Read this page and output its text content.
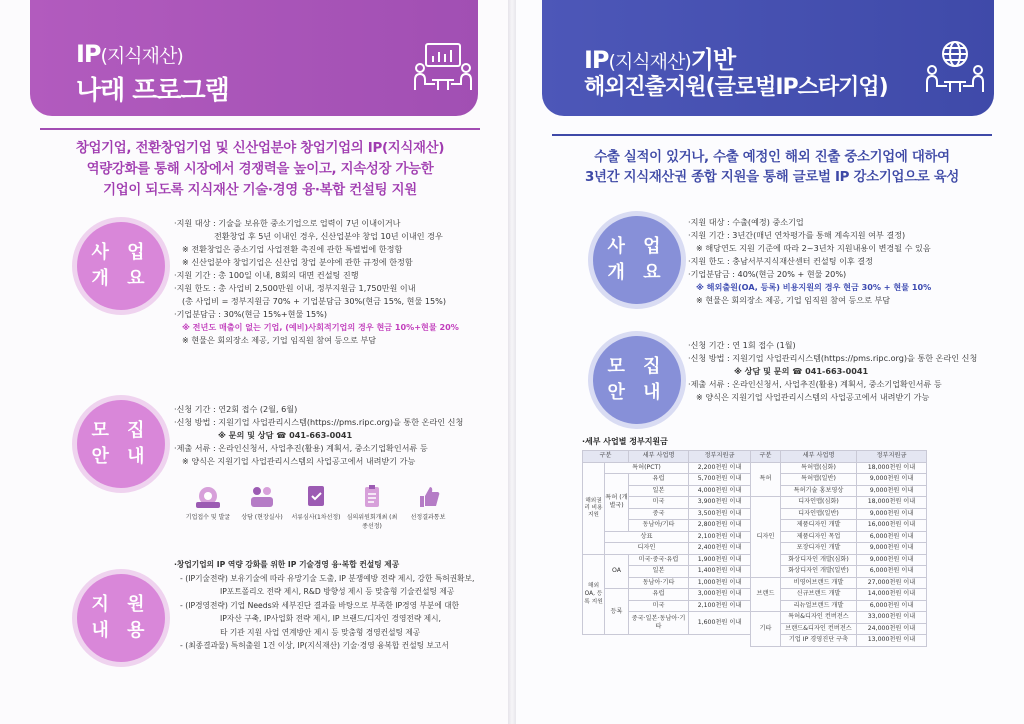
IP(지식재산)
나래 프로그램
창업기업, 전환창업기업 및 신산업분야 창업기업의 IP(지식재산)
역량강화를 통해 시장에서 경쟁력을 높이고, 지속성장 가능한
기업이 되도록 지식재산 기술·경영 융·복합 컨설팅 지원
사 업
개 요
·지원 대상 : 기술을 보유한 중소기업으로 업력이 7년 이내이거나
전환창업 후 5년 이내인 경우, 신산업분야 창업 10년 이내인 경우
※ 전환창업은 중소기업 사업전환 촉진에 관한 특별법에 한정함
※ 신산업분야 창업기업은 신산업 창업 분야에 관한 규정에 한정함
·지원 기간 : 총 100일 이내, 8회의 대면 컨설팅 진행
·지원 한도 : 총 사업비 2,500만원 이내, 정부지원금 1,750만원 이내
(총 사업비 = 정부지원금 70% + 기업분담금 30%(현금 15%, 현물 15%)
·기업분담금 : 30%(현금 15%+현물 15%)
※ 전년도 매출이 없는 기업, (예비)사회적기업의 경우 현금 10%+현물 20%
※ 현물은 회의장소 제공, 기업 임직원 참여 등으로 부담
모 집
안 내
·신청 기간 : 연2회 접수 (2월, 6월)
·신청 방법 : 지원기업 사업관리시스템(https://pms.ripc.org)을 통한 온라인 신청
※ 문의 및 상담 ☎ 041-663-0041
·제출 서류 : 온라인신청서, 사업추진(활용) 계획서, 중소기업확인서류 등
※ 양식은 지원기업 사업관리시스템의 사업공고에서 내려받기 가능
기업접수 및 발굴	상담 (현장실사)	서류심사(1차선정)	심의위원회개최 (최종선정)
선정결과통보
지 원
내 용
·창업기업의 IP 역량 강화를 위한 IP 기술경영 융·복합 컨설팅 제공
- (IP기술전략) 보유기술에 따라 유망기술 도출, IP 분쟁예방 전략 제시, 강한 특허권확보,
IP포트폴리오 전략 제시, R&D 방향성 제시 등 맞춤형 기술컨설팅 제공
- (IP경영전략) 기업 Needs와 세부진단 결과를 바탕으로 부족한 IP경영 부분에 대한
IP자산 구축, IP사업화 전략 제시, IP 브랜드/디자인 경영전략 제시,
타 기관 지원 사업 연계방안 제시 등 맞춤형 경영컨설팅 제공
- (최종결과물) 특허출원 1건 이상, IP(지식재산) 기술·경영 융복합 컨설팅 보고서
IP(지식재산)기반
해외진출지원(글로벌IP스타기업)
수출 실적이 있거나, 수출 예정인 해외 진출 중소기업에 대하여
3년간 지식재산권 종합 지원을 통해 글로벌 IP 강소기업으로 육성
사 업
개 요
·지원 대상 : 수출(예정) 중소기업
·지원 기간 : 3년간(매년 연차평가를 통해 계속지원 여부 결정)
※ 해당연도 지원 기준에 따라 2~3년차 지원내용이 변경될 수 있음
·지원 한도 : 충남서부지식재산센터 컨설팅 이후 결정
·기업분담금 : 40%(현금 20% + 현물 20%)
※ 해외출원(OA, 등록) 비용지원의 경우 현금 30% + 현물 10%
※ 현물은 회의장소 제공, 기업 임직원 참여 등으로 부담
모 집
안 내
·신청 기간 : 연 1회 접수 (1월)
·신청 방법 : 지원기업 사업관리시스템(https://pms.ripc.org)을 통한 온라인 신청
※ 상담 및 문의 ☎ 041-663-0041
·제출 서류 : 온라인신청서, 사업추진(활용) 계획서, 중소기업확인서류 등
※ 양식은 지원기업 사업관리시스템의 사업공고에서 내려받기 가능
·세부 사업별 정부지원금
구분		세부 사업명	정부지원금	구분	세부 사업명	정부지원금
해외권리 비용지원	특허(PCT)		2,200천원 이내	특허	특허맵(심화)	18,000천원 이내
	특허 (개별국)	유럽	5,700천원 이내		특허맵(일반)	9,000천원 이내
		일본	4,000천원 이내		특허기술 홍보영상	9,000천원 이내
		미국	3,900천원 이내	디자인	디자인맵(심화)	18,000천원 이내
		중국	3,500천원 이내		디자인맵(일반)	9,000천원 이내
		동남아/기타	2,800천원 이내		제품디자인 개발	16,000천원 이내
	상표		2,100천원 이내		제품디자인 목업	6,000천원 이내
	디자인		2,400천원 이내		포장디자인 개발	9,000천원 이내
해외 OA, 등록 지원	OA	미국·중국·유럽	1,900천원 이내		화상디자인 개발(심화)	9,000천원 이내
		일본	1,400천원 이내		화상디자인 개발(일반)	6,000천원 이내
		동남아·기타	1,000천원 이내	브랜드	비영어브랜드 개발	27,000천원 이내
	등록	유럽	3,000천원 이내		신규브랜드 개발	14,000천원 이내
		미국	2,100천원 이내		리뉴얼브랜드 개발	6,000천원 이내
		중국·일본·동남아·기타	1,600천원 이내	기타	특허&디자인 컨버전스	33,000천원 이내
					브랜드&디자인 컨버전스	24,000천원 이내
					기업 IP 경영진단 구축	13,000천원 이내
